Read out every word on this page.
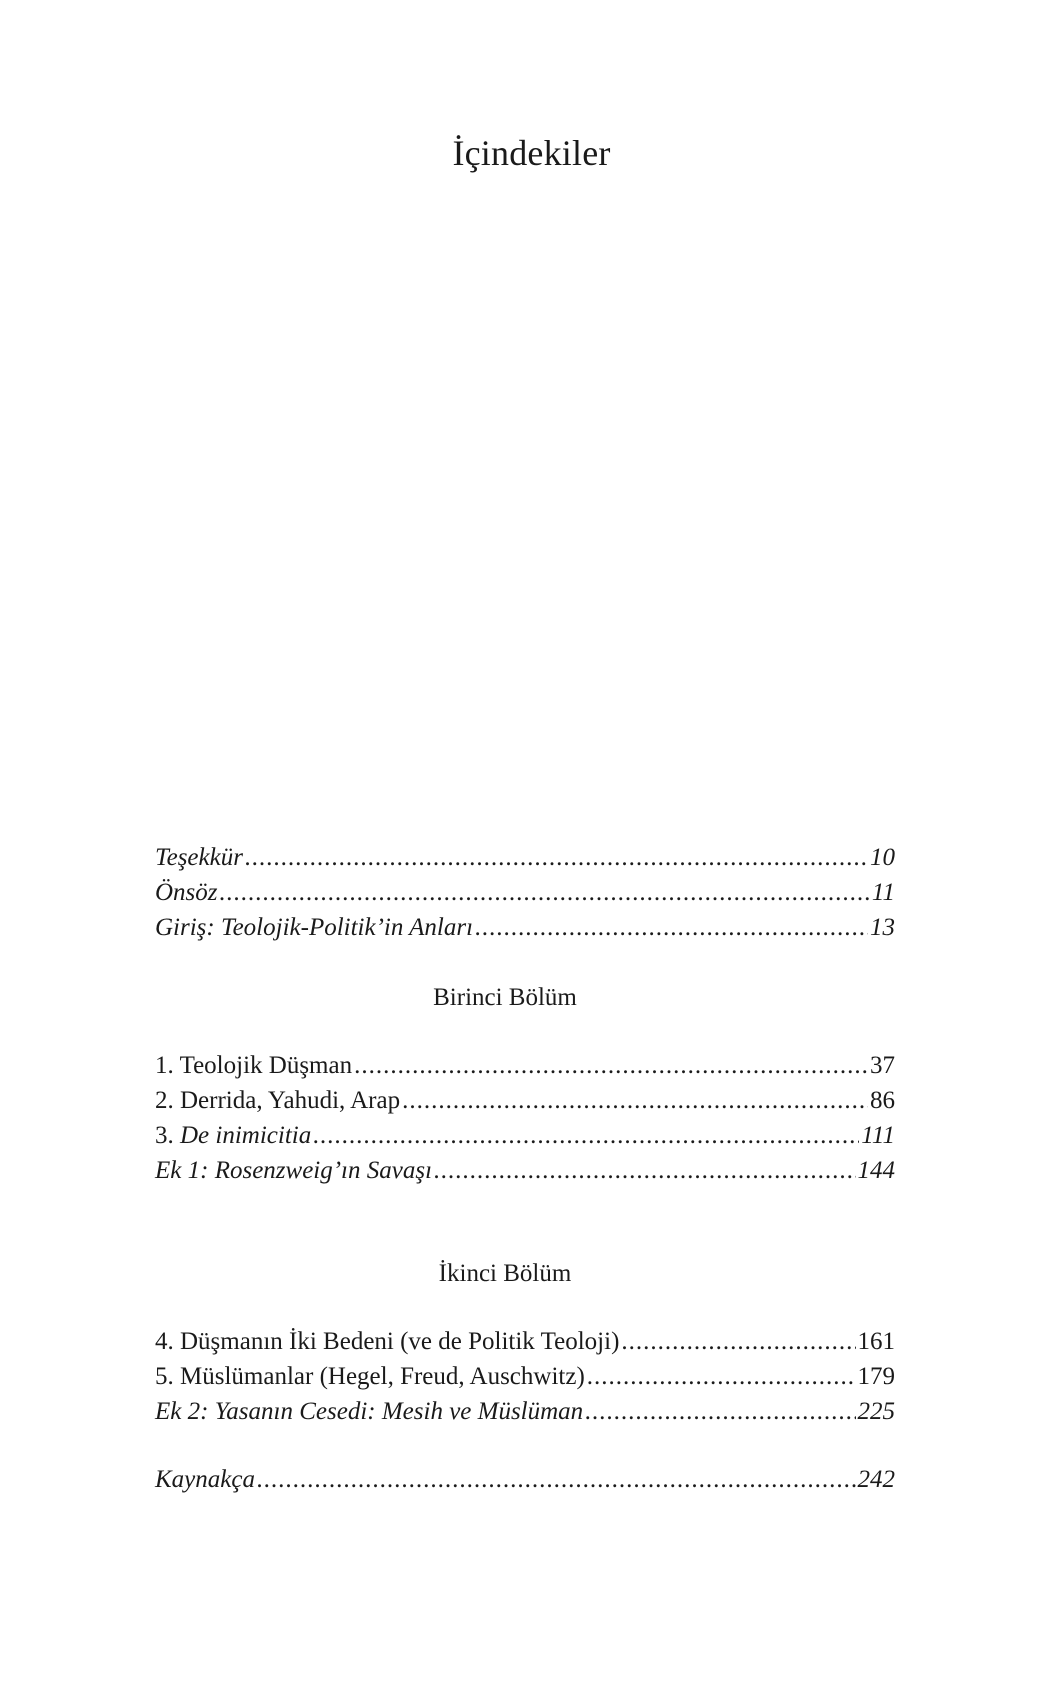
İçindekiler
Teşekkür .....	10
Önsöz .....	11
Giriş: Teolojik-Politik’in Anları .....	13
Birinci Bölüm
1. Teolojik Düşman .....	37
2. Derrida, Yahudi, Arap .....	86
3. De inimicitia .....	111
Ek 1: Rosenzweig’ın Savaşı .....	144
İkinci Bölüm
4. Düşmanın İki Bedeni (ve de Politik Teoloji) .....	161
5. Müslümanlar (Hegel, Freud, Auschwitz) .....	179
Ek 2: Yasanın Cesedi: Mesih ve Müslüman .....	225
Kaynakça .....	242
